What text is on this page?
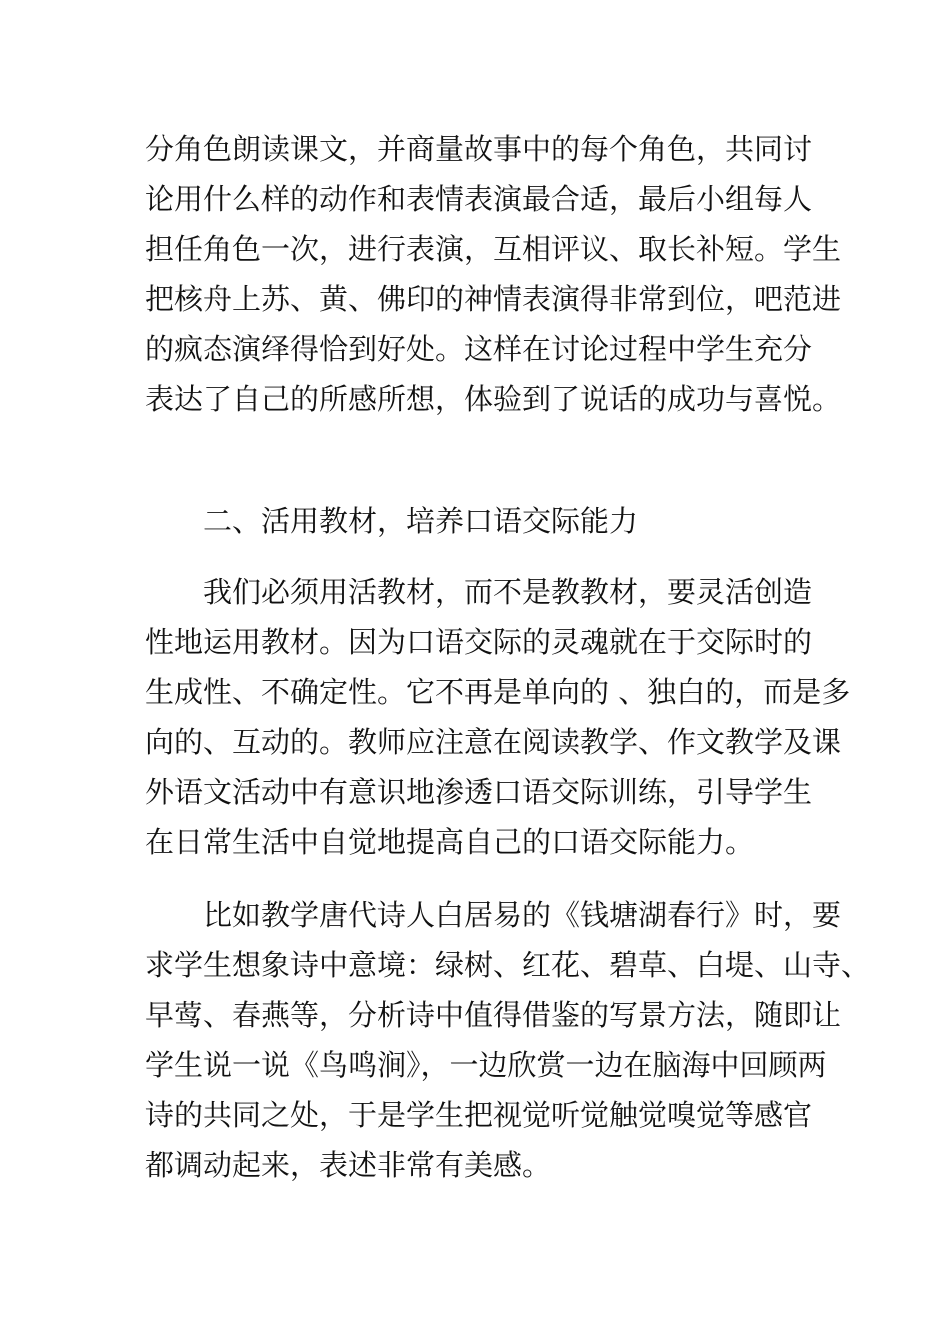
分角色朗读课文，并商量故事中的每个角色，共同讨
论用什么样的动作和表情表演最合适，最后小组每人
担任角色一次，进行表演，互相评议、取长补短。学生
把核舟上苏、黄、佛印的神情表演得非常到位，吧范进
的疯态演绎得恰到好处。这样在讨论过程中学生充分
表达了自己的所感所想，体验到了说话的成功与喜悦。
二、活用教材，培养口语交际能力
我们必须用活教材，而不是教教材，要灵活创造
性地运用教材。因为口语交际的灵魂就在于交际时的
生成性、不确定性。它不再是单向的 、独白的，而是多
向的、互动的。教师应注意在阅读教学、作文教学及课
外语文活动中有意识地渗透口语交际训练，引导学生
在日常生活中自觉地提高自己的口语交际能力。
比如教学唐代诗人白居易的《钱塘湖春行》时，要
求学生想象诗中意境：绿树、红花、碧草、白堤、山寺、
早莺、春燕等，分析诗中值得借鉴的写景方法，随即让
学生说一说《鸟鸣涧》，一边欣赏一边在脑海中回顾两
诗的共同之处，于是学生把视觉听觉触觉嗅觉等感官
都调动起来，表述非常有美感。
